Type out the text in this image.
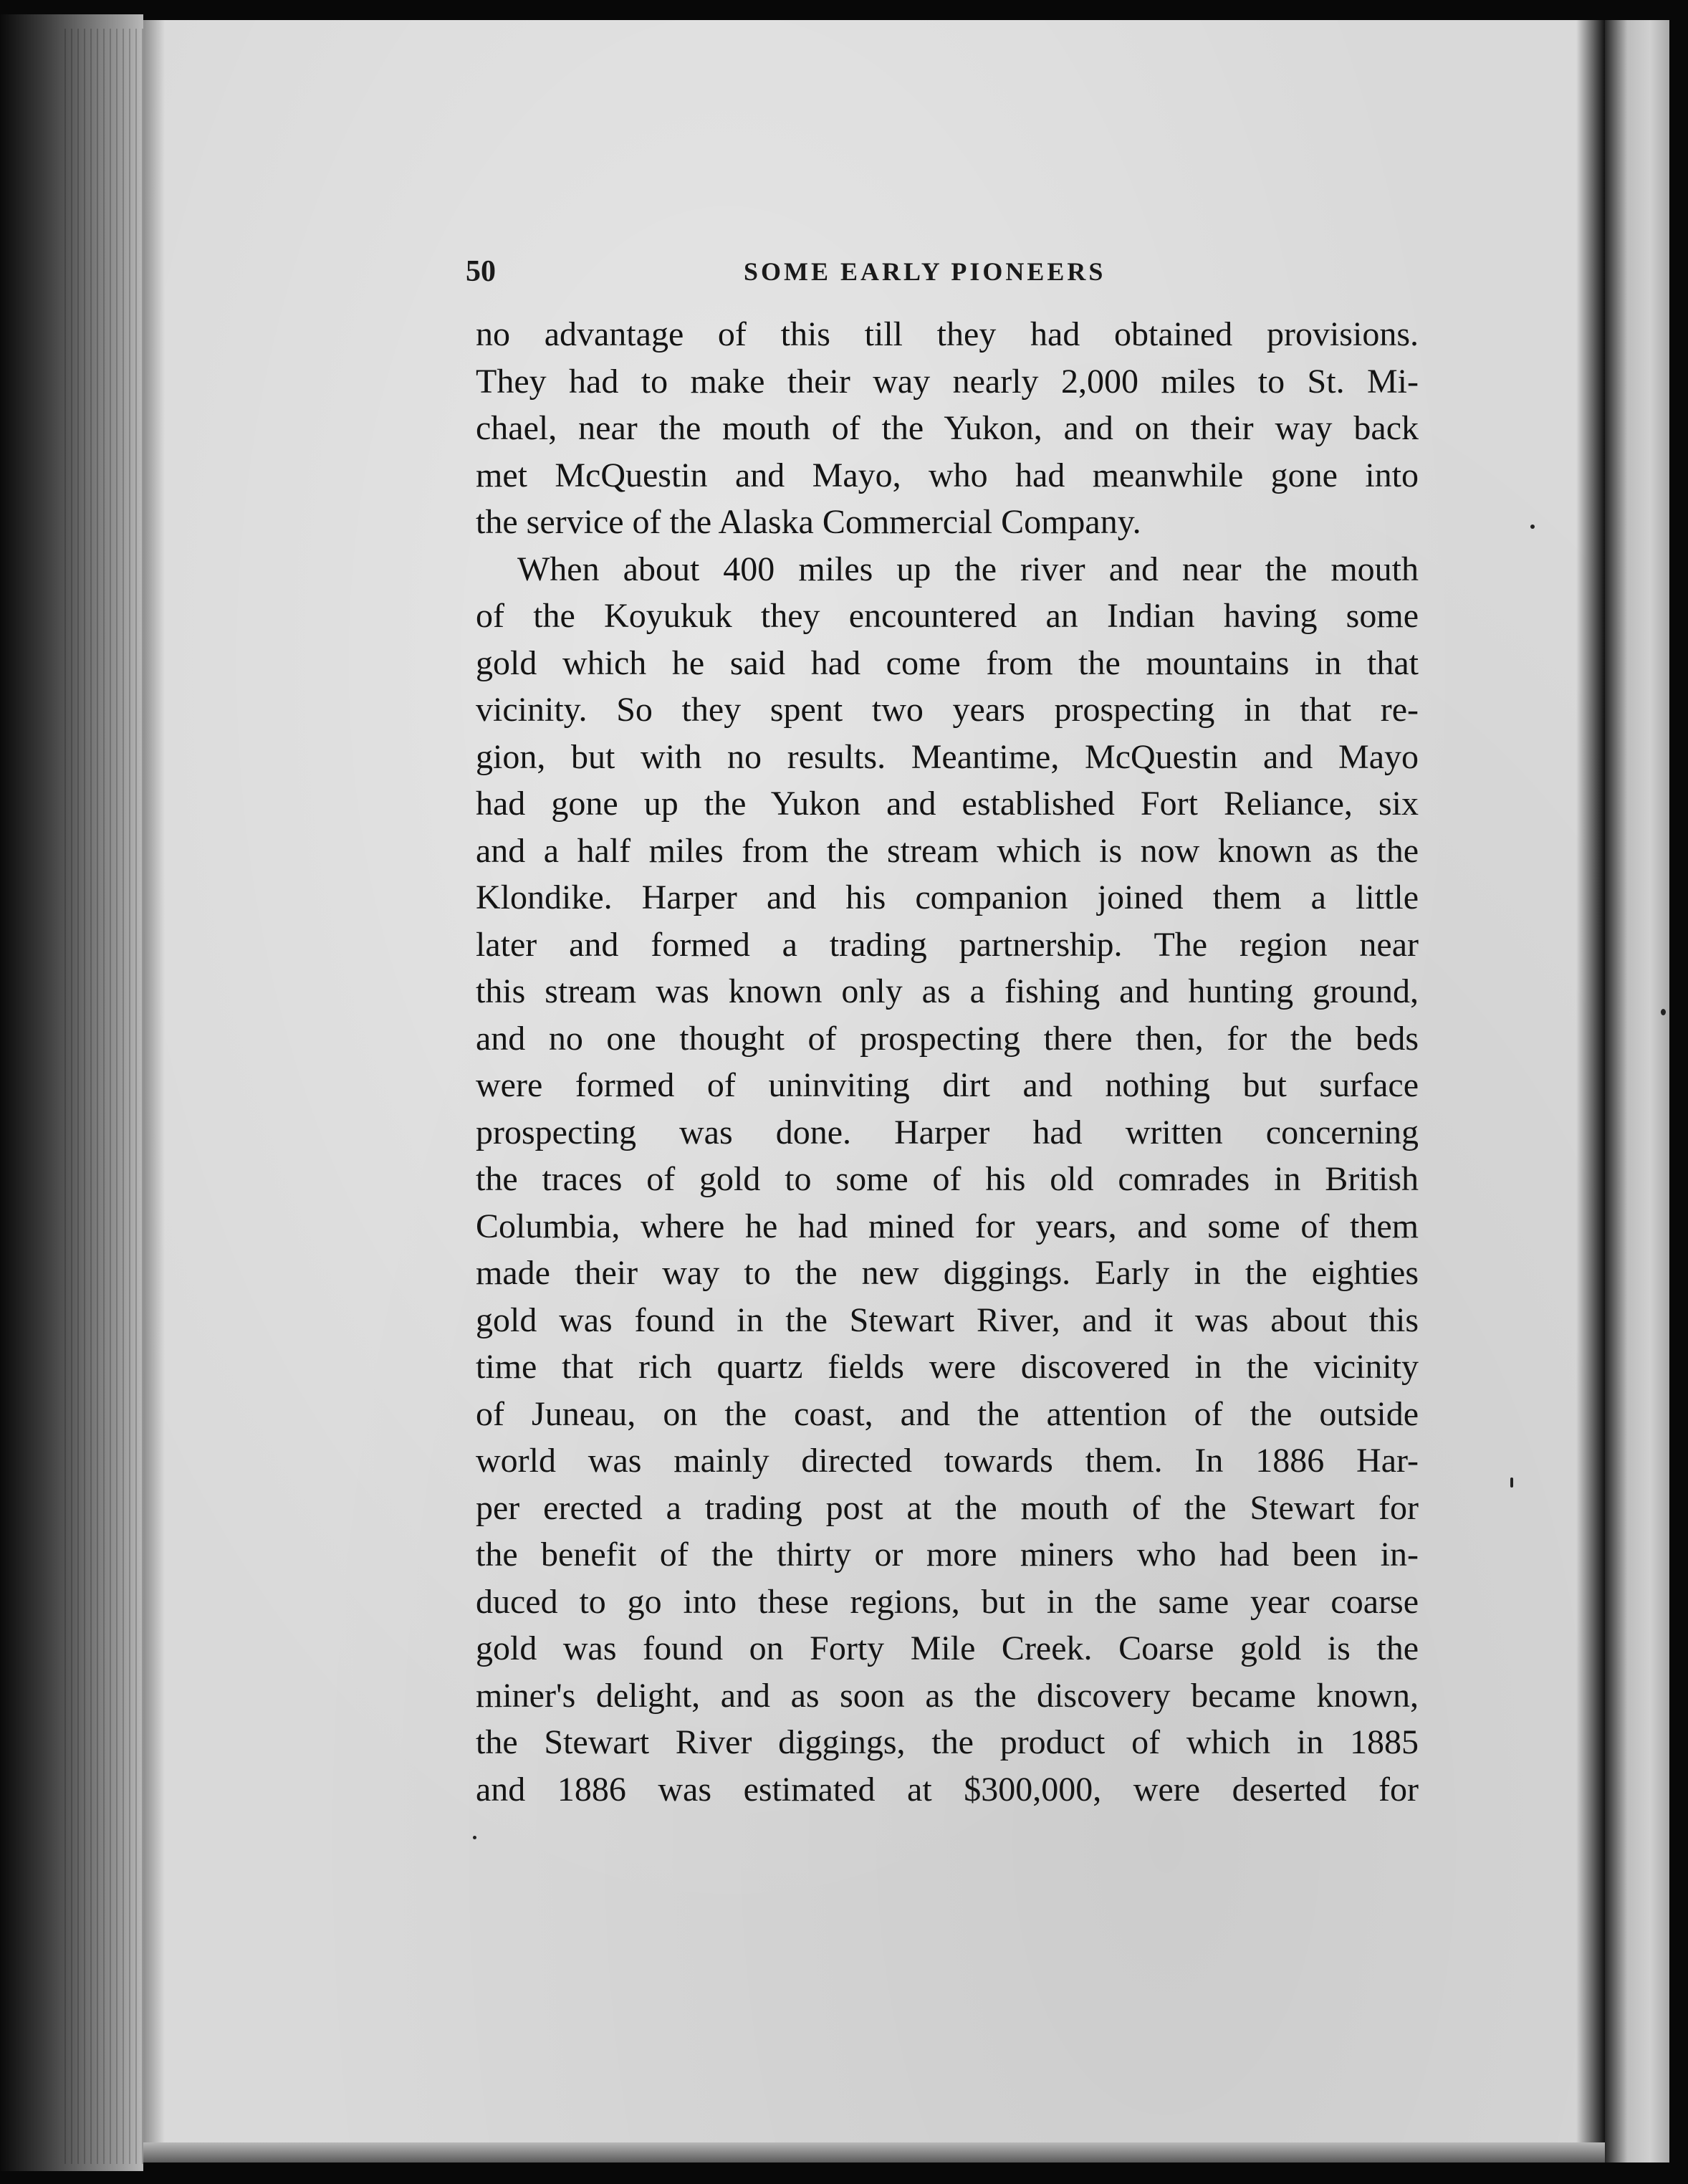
50	SOME EARLY PIONEERS
no advantage of this till they had obtained provisions.
They had to make their way nearly 2,000 miles to St. Mi-
chael, near the mouth of the Yukon, and on their way back
met McQuestin and Mayo, who had meanwhile gone into
the service of the Alaska Commercial Company.
When about 400 miles up the river and near the mouth
of the Koyukuk they encountered an Indian having some
gold which he said had come from the mountains in that
vicinity. So they spent two years prospecting in that re-
gion, but with no results. Meantime, McQuestin and Mayo
had gone up the Yukon and established Fort Reliance, six
and a half miles from the stream which is now known as the
Klondike. Harper and his companion joined them a little
later and formed a trading partnership. The region near
this stream was known only as a fishing and hunting ground,
and no one thought of prospecting there then, for the beds
were formed of uninviting dirt and nothing but surface
prospecting was done. Harper had written concerning
the traces of gold to some of his old comrades in British
Columbia, where he had mined for years, and some of them
made their way to the new diggings. Early in the eighties
gold was found in the Stewart River, and it was about this
time that rich quartz fields were discovered in the vicinity
of Juneau, on the coast, and the attention of the outside
world was mainly directed towards them. In 1886 Har-
per erected a trading post at the mouth of the Stewart for
the benefit of the thirty or more miners who had been in-
duced to go into these regions, but in the same year coarse
gold was found on Forty Mile Creek. Coarse gold is the
miner's delight, and as soon as the discovery became known,
the Stewart River diggings, the product of which in 1885
and 1886 was estimated at $300,000, were deserted for
